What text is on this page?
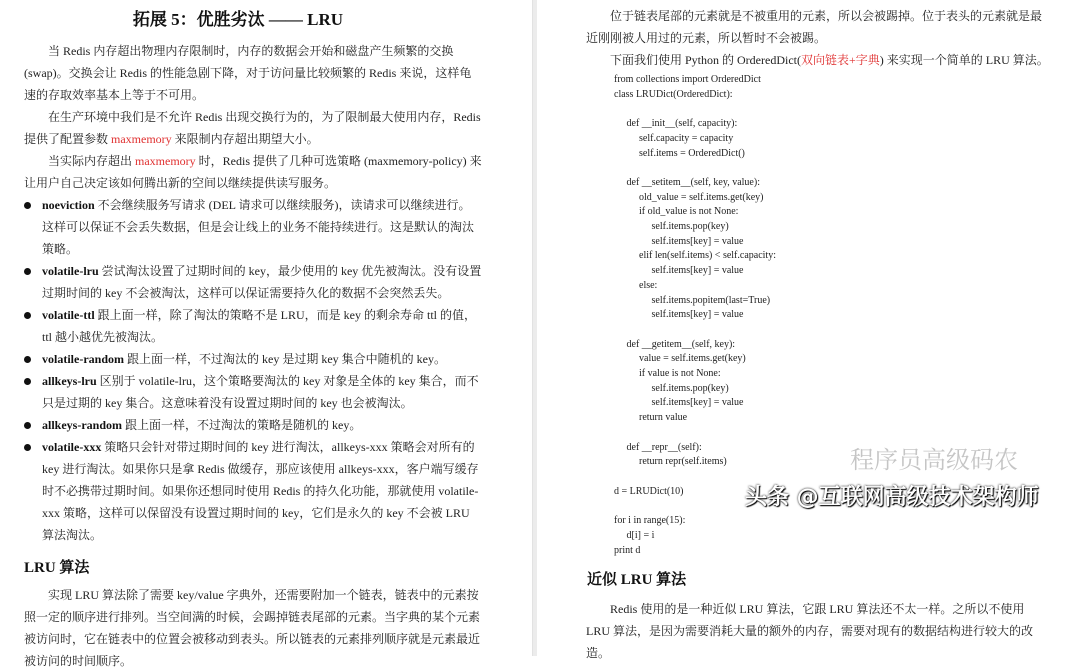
拓展 5：优胜劣汰 —— LRU
当 Redis 内存超出物理内存限制时，内存的数据会开始和磁盘产生频繁的交换 (swap)。交换会让 Redis 的性能急剧下降，对于访问量比较频繁的 Redis 来说，这样龟速的存取效率基本上等于不可用。
在生产环境中我们是不允许 Redis 出现交换行为的，为了限制最大使用内存，Redis 提供了配置参数 maxmemory 来限制内存超出期望大小。
当实际内存超出 maxmemory 时，Redis 提供了几种可选策略 (maxmemory-policy) 来让用户自己决定该如何腾出新的空间以继续提供读写服务。
noeviction 不会继续服务写请求 (DEL 请求可以继续服务)，读请求可以继续进行。这样可以保证不会丢失数据，但是会让线上的业务不能持续进行。这是默认的淘汰策略。
volatile-lru 尝试淘汰设置了过期时间的 key，最少使用的 key 优先被淘汰。没有设置过期时间的 key 不会被淘汰，这样可以保证需要持久化的数据不会突然丢失。
volatile-ttl 跟上面一样，除了淘汰的策略不是 LRU，而是 key 的剩余寿命 ttl 的值，ttl 越小越优先被淘汰。
volatile-random 跟上面一样，不过淘汰的 key 是过期 key 集合中随机的 key。
allkeys-lru 区别于 volatile-lru，这个策略要淘汰的 key 对象是全体的 key 集合，而不只是过期的 key 集合。这意味着没有设置过期时间的 key 也会被淘汰。
allkeys-random 跟上面一样，不过淘汰的策略是随机的 key。
volatile-xxx 策略只会针对带过期时间的 key 进行淘汰，allkeys-xxx 策略会对所有的 key 进行淘汰。如果你只是拿 Redis 做缓存，那应该使用 allkeys-xxx，客户端写缓存时不必携带过期时间。如果你还想同时使用 Redis 的持久化功能，那就使用 volatile-xxx 策略，这样可以保留没有设置过期时间的 key，它们是永久的 key 不会被 LRU 算法淘汰。
LRU 算法
实现 LRU 算法除了需要 key/value 字典外，还需要附加一个链表，链表中的元素按照一定的顺序进行排列。当空间满的时候，会踢掉链表尾部的元素。当字典的某个元素被访问时，它在链表中的位置会被移动到表头。所以链表的元素排列顺序就是元素最近被访问的时间顺序。
位于链表尾部的元素就是不被重用的元素，所以会被踢掉。位于表头的元素就是最近刚刚被人用过的元素，所以暂时不会被踢。
下面我们使用 Python 的 OrderedDict(双向链表+字典) 来实现一个简单的 LRU 算法。
from collections import OrderedDict
class LRUDict(OrderedDict):

def __init__(self, capacity):
self.capacity = capacity
self.items = OrderedDict()

def __setitem__(self, key, value):
old_value = self.items.get(key)
if old_value is not None:
self.items.pop(key)
self.items[key] = value
elif len(self.items) < self.capacity:
self.items[key] = value
else:
self.items.popitem(last=True)
self.items[key] = value

def __getitem__(self, key):
value = self.items.get(key)
if value is not None:
self.items.pop(key)
self.items[key] = value
return value

def __repr__(self):
return repr(self.items)

d = LRUDict(10)

for i in range(15):
d[i] = i
print d
近似 LRU 算法
Redis 使用的是一种近似 LRU 算法，它跟 LRU 算法还不太一样。之所以不使用 LRU 算法，是因为需要消耗大量的额外的内存，需要对现有的数据结构进行较大的改造。
程序员高级码农
头条 @互联网高级技术架构师
